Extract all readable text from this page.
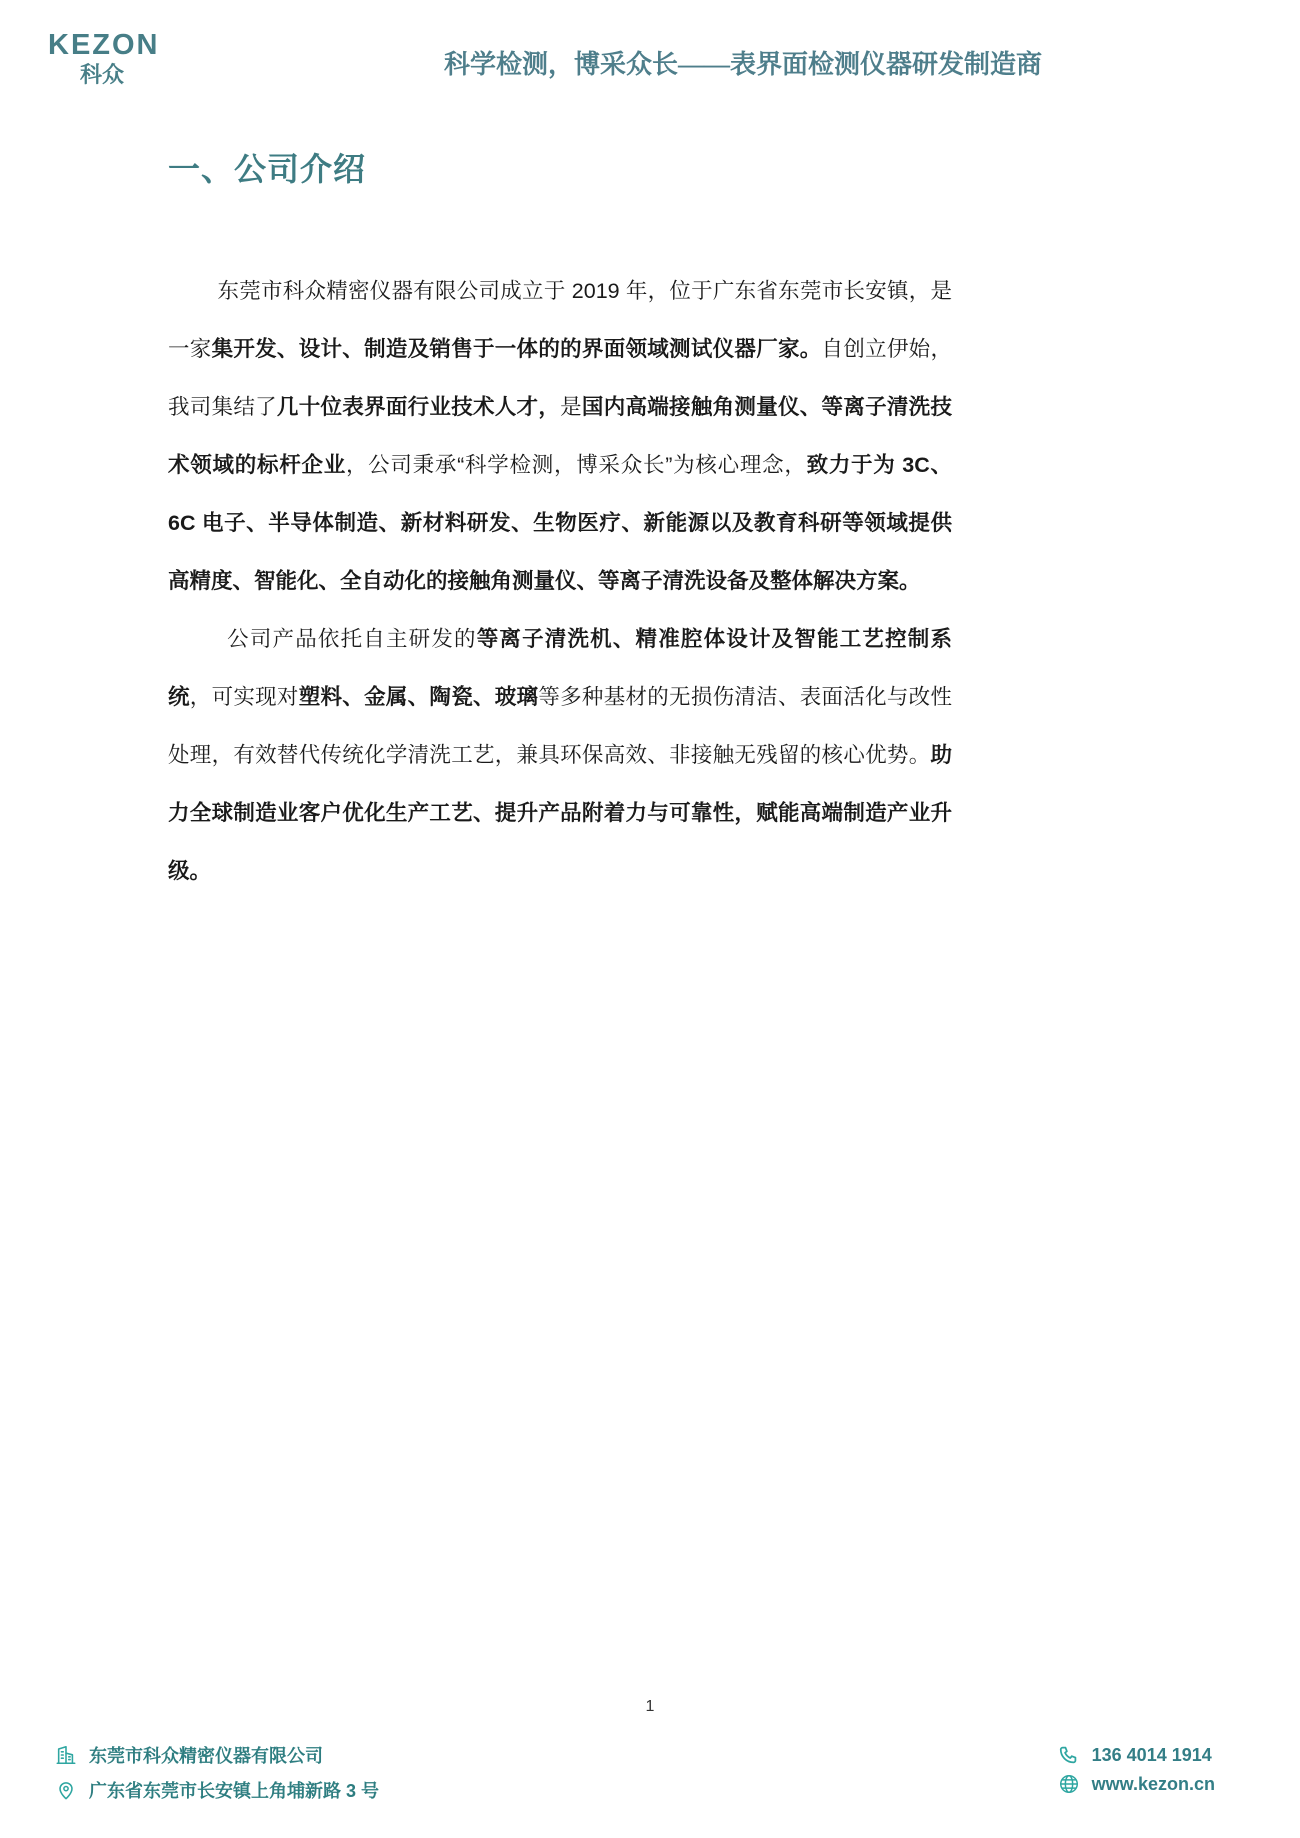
KEZON
科众	科学检测，博采众长——表界面检测仪器研发制造商
一、公司介绍

东莞市科众精密仪器有限公司成立于 2019 年，位于广东省东莞市长安镇，是一家集开发、设计、制造及销售于一体的的界面领域测试仪器厂家。自创立伊始，我司集结了几十位表界面行业技术人才，是国内高端接触角测量仪、等离子清洗技术领域的标杆企业，公司秉承“科学检测，博采众长”为核心理念，致力于为 3C、6C 电子、半导体制造、新材料研发、生物医疗、新能源以及教育科研等领域提供高精度、智能化、全自动化的接触角测量仪、等离子清洗设备及整体解决方案。

公司产品依托自主研发的等离子清洗机、精准腔体设计及智能工艺控制系统，可实现对塑料、金属、陶瓷、玻璃等多种基材的无损伤清洁、表面活化与改性处理，有效替代传统化学清洗工艺，兼具环保高效、非接触无残留的核心优势。助力全球制造业客户优化生产工艺、提升产品附着力与可靠性，赋能高端制造产业升级。

1
东莞市科众精密仪器有限公司
广东省东莞市长安镇上角埔新路 3 号
136 4014 1914
www.kezon.cn
